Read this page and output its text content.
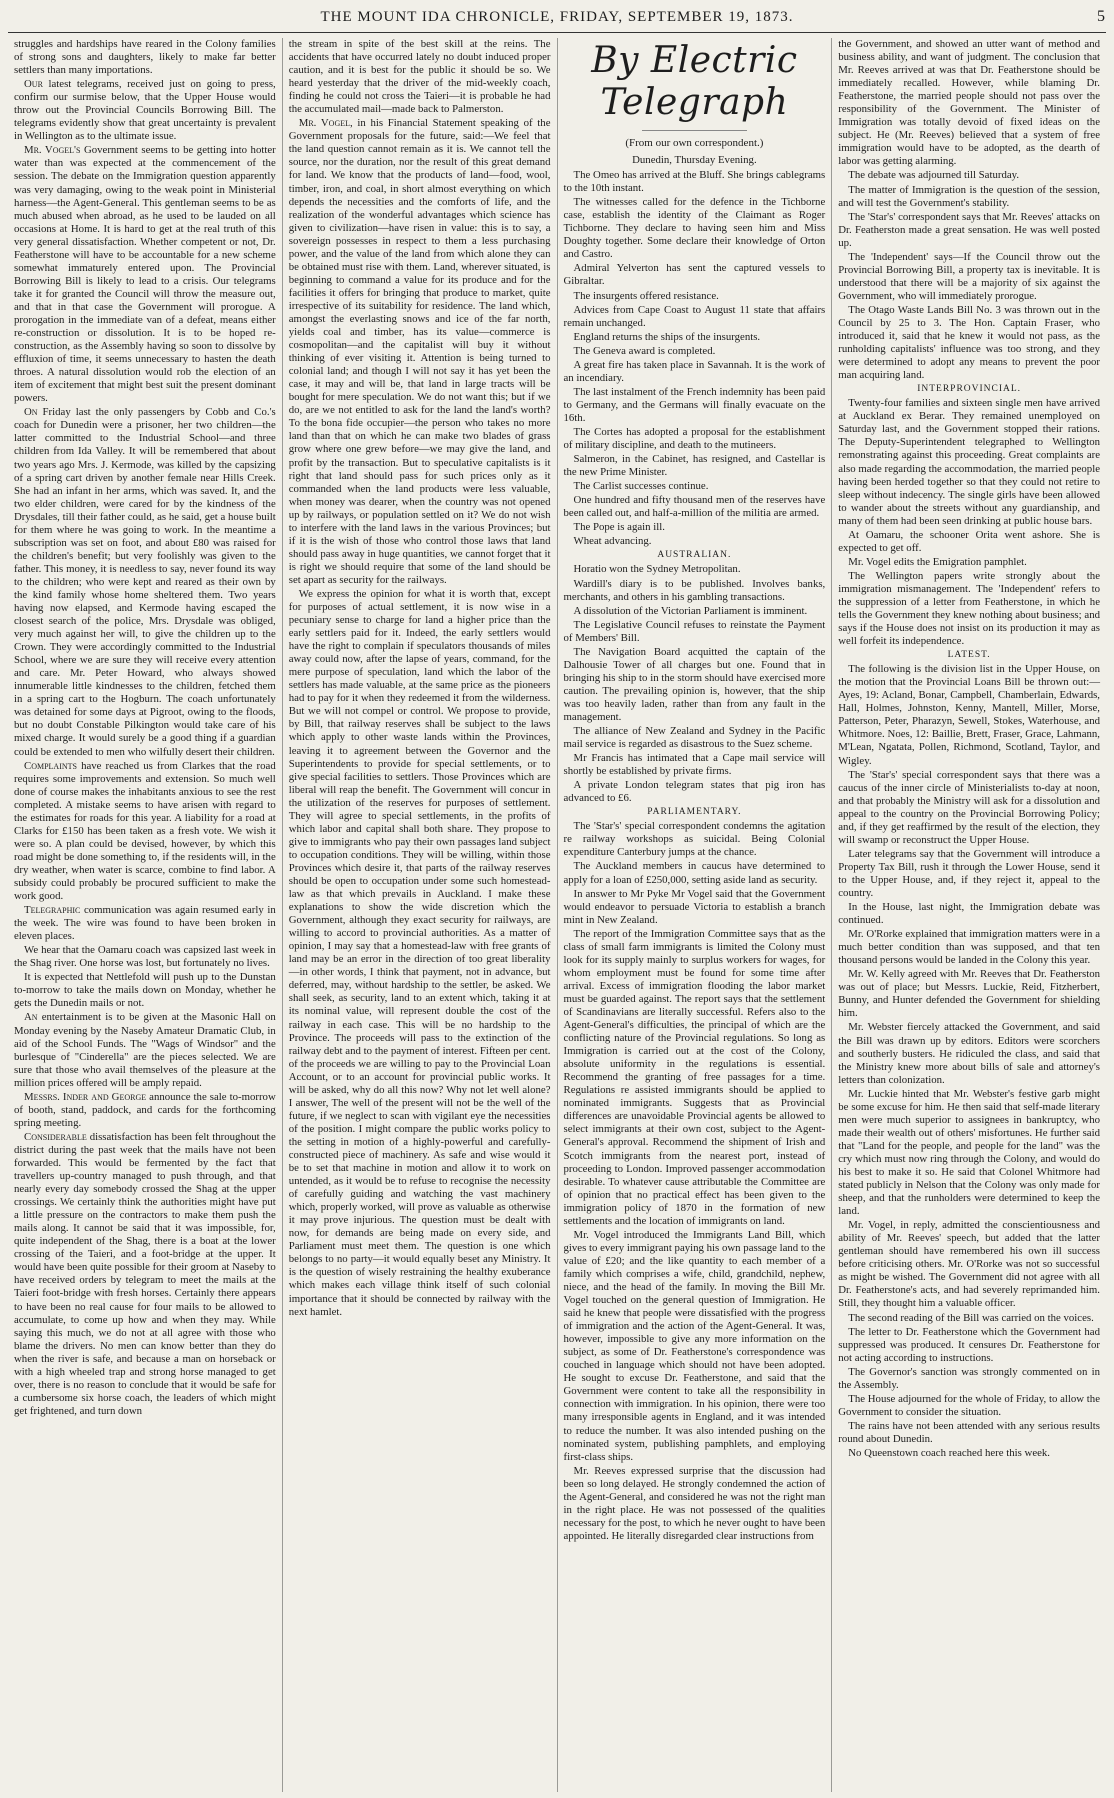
THE MOUNT IDA CHRONICLE, FRIDAY, SEPTEMBER 19, 1873.	5

struggles and hardships have reared in the Colony families of strong sons and daughters, likely to make far better settlers than many importations.

Our latest telegrams, received just on going to press, confirm our surmise below, that the Upper House would throw out the Provincial Councils Borrowing Bill. The telegrams evidently show that great uncertainty is prevalent in Wellington as to the ultimate issue.

Mr. Vogel's Government seems to be getting into hotter water than was expected at the commencement of the session. The debate on the Immigration question apparently was very damaging, owing to the weak point in Ministerial harness—the Agent-General. This gentleman seems to be as much abused when abroad, as he used to be lauded on all occasions at Home. It is hard to get at the real truth of this very general dissatisfaction. Whether competent or not, Dr. Featherstone will have to be accountable for a new scheme somewhat immaturely entered upon. The Provincial Borrowing Bill is likely to lead to a crisis. Our telegrams take it for granted the Council will throw the measure out, and that in that case the Government will prorogue. A prorogation in the immediate van of a defeat, means either re-construction or dissolution. It is to be hoped re-construction, as the Assembly having so soon to dissolve by effluxion of time, it seems unnecessary to hasten the death throes. A natural dissolution would rob the election of an item of excitement that might best suit the present dominant powers.

On Friday last the only passengers by Cobb and Co.'s coach for Dunedin were a prisoner, her two children—the latter committed to the Industrial School—and three children from Ida Valley. It will be remembered that about two years ago Mrs. J. Kermode, was killed by the capsizing of a spring cart driven by another female near Hills Creek. She had an infant in her arms, which was saved. It, and the two elder children, were cared for by the kindness of the Drysdales, till their father could, as he said, get a house built for them where he was going to work. In the meantime a subscription was set on foot, and about £80 was raised for the children's benefit; but very foolishly was given to the father. This money, it is needless to say, never found its way to the children; who were kept and reared as their own by the kind family whose home sheltered them. Two years having now elapsed, and Kermode having escaped the closest search of the police, Mrs. Drysdale was obliged, very much against her will, to give the children up to the Crown. They were accordingly committed to the Industrial School, where we are sure they will receive every attention and care. Mr. Peter Howard, who always showed innumerable little kindnesses to the children, fetched them in a spring cart to the Hogburn. The coach unfortunately was detained for some days at Pigroot, owing to the floods, but no doubt Constable Pilkington would take care of his mixed charge. It would surely be a good thing if a guardian could be extended to men who wilfully desert their children.

Complaints have reached us from Clarkes that the road requires some improvements and extension. So much well done of course makes the inhabitants anxious to see the rest completed. A mistake seems to have arisen with regard to the estimates for roads for this year. A liability for a road at Clarks for £150 has been taken as a fresh vote. We wish it were so. A plan could be devised, however, by which this road might be done something to, if the residents will, in the dry weather, when water is scarce, combine to find labor. A subsidy could probably be procured sufficient to make the work good.

Telegraphic communication was again resumed early in the week. The wire was found to have been broken in eleven places.

We hear that the Oamaru coach was capsized last week in the Shag river. One horse was lost, but fortunately no lives.

It is expected that Nettlefold will push up to the Dunstan to-morrow to take the mails down on Monday, whether he gets the Dunedin mails or not.

An entertainment is to be given at the Masonic Hall on Monday evening by the Naseby Amateur Dramatic Club, in aid of the School Funds. The "Wags of Windsor" and the burlesque of "Cinderella" are the pieces selected. We are sure that those who avail themselves of the pleasure at the million prices offered will be amply repaid.

Messrs. Inder and George announce the sale to-morrow of booth, stand, paddock, and cards for the forthcoming spring meeting.

Considerable dissatisfaction has been felt throughout the district during the past week that the mails have not been forwarded. This would be fermented by the fact that travellers up-country managed to push through, and that nearly every day somebody crossed the Shag at the upper crossings. We certainly think the authorities might have put a little pressure on the contractors to make them push the mails along. It cannot be said that it was impossible, for, quite independent of the Shag, there is a boat at the lower crossing of the Taieri, and a foot-bridge at the upper. It would have been quite possible for their groom at Naseby to have received orders by telegram to meet the mails at the Taieri foot-bridge with fresh horses. Certainly there appears to have been no real cause for four mails to be allowed to accumulate, to come up how and when they may. While saying this much, we do not at all agree with those who blame the drivers. No men can know better than they do when the river is safe, and because a man on horseback or with a high wheeled trap and strong horse managed to get over, there is no reason to conclude that it would be safe for a cumbersome six horse coach, the leaders of which might get frightened, and turn down

the stream in spite of the best skill at the reins. The accidents that have occurred lately no doubt induced proper caution, and it is best for the public it should be so. We heard yesterday that the driver of the mid-weekly coach, finding he could not cross the Taieri—it is probable he had the accumulated mail—made back to Palmerston.

Mr. Vogel, in his Financial Statement speaking of the Government proposals for the future, said:—We feel that the land question cannot remain as it is. We cannot tell the source, nor the duration, nor the result of this great demand for land. We know that the products of land—food, wool, timber, iron, and coal, in short almost everything on which depends the necessities and the comforts of life, and the realization of the wonderful advantages which science has given to civilization—have risen in value: this is to say, a sovereign possesses in respect to them a less purchasing power, and the value of the land from which alone they can be obtained must rise with them. Land, wherever situated, is beginning to command a value for its produce and for the facilities it offers for bringing that produce to market, quite irrespective of its suitability for residence. The land which, amongst the everlasting snows and ice of the far north, yields coal and timber, has its value—commerce is cosmopolitan—and the capitalist will buy it without thinking of ever visiting it. Attention is being turned to colonial land; and though I will not say it has yet been the case, it may and will be, that land in large tracts will be bought for mere speculation. We do not want this; but if we do, are we not entitled to ask for the land the land's worth? To the bona fide occupier—the person who takes no more land than that on which he can make two blades of grass grow where one grew before—we may give the land, and profit by the transaction. But to speculative capitalists is it right that land should pass for such prices only as it commanded when the land products were less valuable, when money was dearer, when the country was not opened up by railways, or population settled on it? We do not wish to interfere with the land laws in the various Provinces; but if it is the wish of those who control those laws that land should pass away in huge quantities, we cannot forget that it is right we should require that some of the land should be set apart as security for the railways.

We express the opinion for what it is worth that, except for purposes of actual settlement, it is now wise in a pecuniary sense to charge for land a higher price than the early settlers paid for it. Indeed, the early settlers would have the right to complain if speculators thousands of miles away could now, after the lapse of years, command, for the mere purpose of speculation, land which the labor of the settlers has made valuable, at the same price as the pioneers had to pay for it when they redeemed it from the wilderness. But we will not compel or control. We propose to provide, by Bill, that railway reserves shall be subject to the laws which apply to other waste lands within the Provinces, leaving it to agreement between the Governor and the Superintendents to provide for special settlements, or to give special facilities to settlers. Those Provinces which are liberal will reap the benefit. The Government will concur in the utilization of the reserves for purposes of settlement. They will agree to special settlements, in the profits of which labor and capital shall both share. They propose to give to immigrants who pay their own passages land subject to occupation conditions. They will be willing, within those Provinces which desire it, that parts of the railway reserves should be open to occupation under some such homestead-law as that which prevails in Auckland. I make these explanations to show the wide discretion which the Government, although they exact security for railways, are willing to accord to provincial authorities. As a matter of opinion, I may say that a homestead-law with free grants of land may be an error in the direction of too great liberality—in other words, I think that payment, not in advance, but deferred, may, without hardship to the settler, be asked. We shall seek, as security, land to an extent which, taking it at its nominal value, will represent double the cost of the railway in each case. This will be no hardship to the Province. The proceeds will pass to the extinction of the railway debt and to the payment of interest. Fifteen per cent. of the proceeds we are willing to pay to the Provincial Loan Account, or to an account for provincial public works. It will be asked, why do all this now? Why not let well alone? I answer, The well of the present will not be the well of the future, if we neglect to scan with vigilant eye the necessities of the position. I might compare the public works policy to the setting in motion of a highly-powerful and carefully-constructed piece of machinery. As safe and wise would it be to set that machine in motion and allow it to work on untended, as it would be to refuse to recognise the necessity of carefully guiding and watching the vast machinery which, properly worked, will prove as valuable as otherwise it may prove injurious. The question must be dealt with now, for demands are being made on every side, and Parliament must meet them. The question is one which belongs to no party—it would equally beset any Ministry. It is the question of wisely restraining the healthy exuberance which makes each village think itself of such colonial importance that it should be connected by railway with the next hamlet.

By Electric Telegraph
(From our own correspondent.)

Dunedin, Thursday Evening.

The Omeo has arrived at the Bluff. She brings cablegrams to the 10th instant.

The witnesses called for the defence in the Tichborne case, establish the identity of the Claimant as Roger Tichborne. They declare to having seen him and Miss Doughty together. Some declare their knowledge of Orton and Castro.

Admiral Yelverton has sent the captured vessels to Gibraltar.

The insurgents offered resistance.

Advices from Cape Coast to August 11 state that affairs remain unchanged.

England returns the ships of the insurgents.

The Geneva award is completed.

A great fire has taken place in Savannah. It is the work of an incendiary.

The last instalment of the French indemnity has been paid to Germany, and the Germans will finally evacuate on the 16th.

The Cortes has adopted a proposal for the establishment of military discipline, and death to the mutineers.

Salmeron, in the Cabinet, has resigned, and Castellar is the new Prime Minister.

The Carlist successes continue.

One hundred and fifty thousand men of the reserves have been called out, and half-a-million of the militia are armed.

The Pope is again ill.

Wheat advancing.

AUSTRALIAN.

Horatio won the Sydney Metropolitan.

Wardill's diary is to be published. Involves banks, merchants, and others in his gambling transactions.

A dissolution of the Victorian Parliament is imminent.

The Legislative Council refuses to reinstate the Payment of Members' Bill.

The Navigation Board acquitted the captain of the Dalhousie Tower of all charges but one. Found that in bringing his ship to in the storm should have exercised more caution. The prevailing opinion is, however, that the ship was too heavily laden, rather than from any fault in the management.

The alliance of New Zealand and Sydney in the Pacific mail service is regarded as disastrous to the Suez scheme.

Mr Francis has intimated that a Cape mail service will shortly be established by private firms.

A private London telegram states that pig iron has advanced to £6.

PARLIAMENTARY.

The 'Star's' special correspondent condemns the agitation re railway workshops as suicidal. Being Colonial expenditure Canterbury jumps at the chance.

The Auckland members in caucus have determined to apply for a loan of £250,000, setting aside land as security.

In answer to Mr Pyke Mr Vogel said that the Government would endeavor to persuade Victoria to establish a branch mint in New Zealand.

The report of the Immigration Committee says that as the class of small farm immigrants is limited the Colony must look for its supply mainly to surplus workers for wages, for whom employment must be found for some time after arrival. Excess of immigration flooding the labor market must be guarded against. The report says that the settlement of Scandinavians are literally successful. Refers also to the Agent-General's difficulties, the principal of which are the conflicting nature of the Provincial regulations. So long as Immigration is carried out at the cost of the Colony, absolute uniformity in the regulations is essential. Recommend the granting of free passages for a time. Regulations re assisted immigrants should be applied to nominated immigrants. Suggests that as Provincial differences are unavoidable Provincial agents be allowed to select immigrants at their own cost, subject to the Agent-General's approval. Recommend the shipment of Irish and Scotch immigrants from the nearest port, instead of proceeding to London. Improved passenger accommodation desirable. To whatever cause attributable the Committee are of opinion that no practical effect has been given to the immigration policy of 1870 in the formation of new settlements and the location of immigrants on land.

Mr. Vogel introduced the Immigrants Land Bill, which gives to every immigrant paying his own passage land to the value of £20; and the like quantity to each member of a family which comprises a wife, child, grandchild, nephew, niece, and the head of the family. In moving the Bill Mr. Vogel touched on the general question of Immigration. He said he knew that people were dissatisfied with the progress of immigration and the action of the Agent-General. It was, however, impossible to give any more information on the subject, as some of Dr. Featherstone's correspondence was couched in language which should not have been adopted. He sought to excuse Dr. Featherstone, and said that the Government were content to take all the responsibility in connection with immigration. In his opinion, there were too many irresponsible agents in England, and it was intended to reduce the number. It was also intended pushing on the nominated system, publishing pamphlets, and employing first-class ships.

Mr. Reeves expressed surprise that the discussion had been so long delayed. He strongly condemned the action of the Agent-General, and considered he was not the right man in the right place. He was not possessed of the qualities necessary for the post, to which he never ought to have been appointed. He literally disregarded clear instructions from

the Government, and showed an utter want of method and business ability, and want of judgment. The conclusion that Mr. Reeves arrived at was that Dr. Featherstone should be immediately recalled. However, while blaming Dr. Featherstone, the married people should not pass over the responsibility of the Government. The Minister of Immigration was totally devoid of fixed ideas on the subject. He (Mr. Reeves) believed that a system of free immigration would have to be adopted, as the dearth of labor was getting alarming.

The debate was adjourned till Saturday.

The matter of Immigration is the question of the session, and will test the Government's stability.

The 'Star's' correspondent says that Mr. Reeves' attacks on Dr. Featherston made a great sensation. He was well posted up.

The 'Independent' says—If the Council throw out the Provincial Borrowing Bill, a property tax is inevitable. It is understood that there will be a majority of six against the Government, who will immediately prorogue.

The Otago Waste Lands Bill No. 3 was thrown out in the Council by 25 to 3. The Hon. Captain Fraser, who introduced it, said that he knew it would not pass, as the runholding capitalists' influence was too strong, and they were determined to adopt any means to prevent the poor man acquiring land.

INTERPROVINCIAL.

Twenty-four families and sixteen single men have arrived at Auckland ex Berar. They remained unemployed on Saturday last, and the Government stopped their rations. The Deputy-Superintendent telegraphed to Wellington remonstrating against this proceeding. Great complaints are also made regarding the accommodation, the married people having been herded together so that they could not retire to sleep without indecency. The single girls have been allowed to wander about the streets without any guardianship, and many of them had been seen drinking at public house bars.

At Oamaru, the schooner Orita went ashore. She is expected to get off.

Mr. Vogel edits the Emigration pamphlet.

The Wellington papers write strongly about the immigration mismanagement. The 'Independent' refers to the suppression of a letter from Featherstone, in which he tells the Government they knew nothing about business; and says if the House does not insist on its production it may as well forfeit its independence.

LATEST.

The following is the division list in the Upper House, on the motion that the Provincial Loans Bill be thrown out:—Ayes, 19: Acland, Bonar, Campbell, Chamberlain, Edwards, Hall, Holmes, Johnston, Kenny, Mantell, Miller, Morse, Patterson, Peter, Pharazyn, Sewell, Stokes, Waterhouse, and Whitmore. Noes, 12: Baillie, Brett, Fraser, Grace, Lahmann, M'Lean, Ngatata, Pollen, Richmond, Scotland, Taylor, and Wigley.

The 'Star's' special correspondent says that there was a caucus of the inner circle of Ministerialists to-day at noon, and that probably the Ministry will ask for a dissolution and appeal to the country on the Provincial Borrowing Policy; and, if they get reaffirmed by the result of the election, they will swamp or reconstruct the Upper House.

Later telegrams say that the Government will introduce a Property Tax Bill, rush it through the Lower House, send it to the Upper House, and, if they reject it, appeal to the country.

In the House, last night, the Immigration debate was continued.

Mr. O'Rorke explained that immigration matters were in a much better condition than was supposed, and that ten thousand persons would be landed in the Colony this year.

Mr. W. Kelly agreed with Mr. Reeves that Dr. Featherston was out of place; but Messrs. Luckie, Reid, Fitzherbert, Bunny, and Hunter defended the Government for shielding him.

Mr. Webster fiercely attacked the Government, and said the Bill was drawn up by editors. Editors were scorchers and southerly busters. He ridiculed the class, and said that the Ministry knew more about bills of sale and attorney's letters than colonization.

Mr. Luckie hinted that Mr. Webster's festive garb might be some excuse for him. He then said that self-made literary men were much superior to assignees in bankruptcy, who made their wealth out of others' misfortunes. He further said that "Land for the people, and people for the land" was the cry which must now ring through the Colony, and would do his best to make it so. He said that Colonel Whitmore had stated publicly in Nelson that the Colony was only made for sheep, and that the runholders were determined to keep the land.

Mr. Vogel, in reply, admitted the conscientiousness and ability of Mr. Reeves' speech, but added that the latter gentleman should have remembered his own ill success before criticising others. Mr. O'Rorke was not so successful as might be wished. The Government did not agree with all Dr. Featherstone's acts, and had severely reprimanded him. Still, they thought him a valuable officer.

The second reading of the Bill was carried on the voices.

The letter to Dr. Featherstone which the Government had suppressed was produced. It censures Dr. Featherstone for not acting according to instructions.

The Governor's sanction was strongly commented on in the Assembly.

The House adjourned for the whole of Friday, to allow the Government to consider the situation.

The rains have not been attended with any serious results round about Dunedin.

No Queenstown coach reached here this week.
